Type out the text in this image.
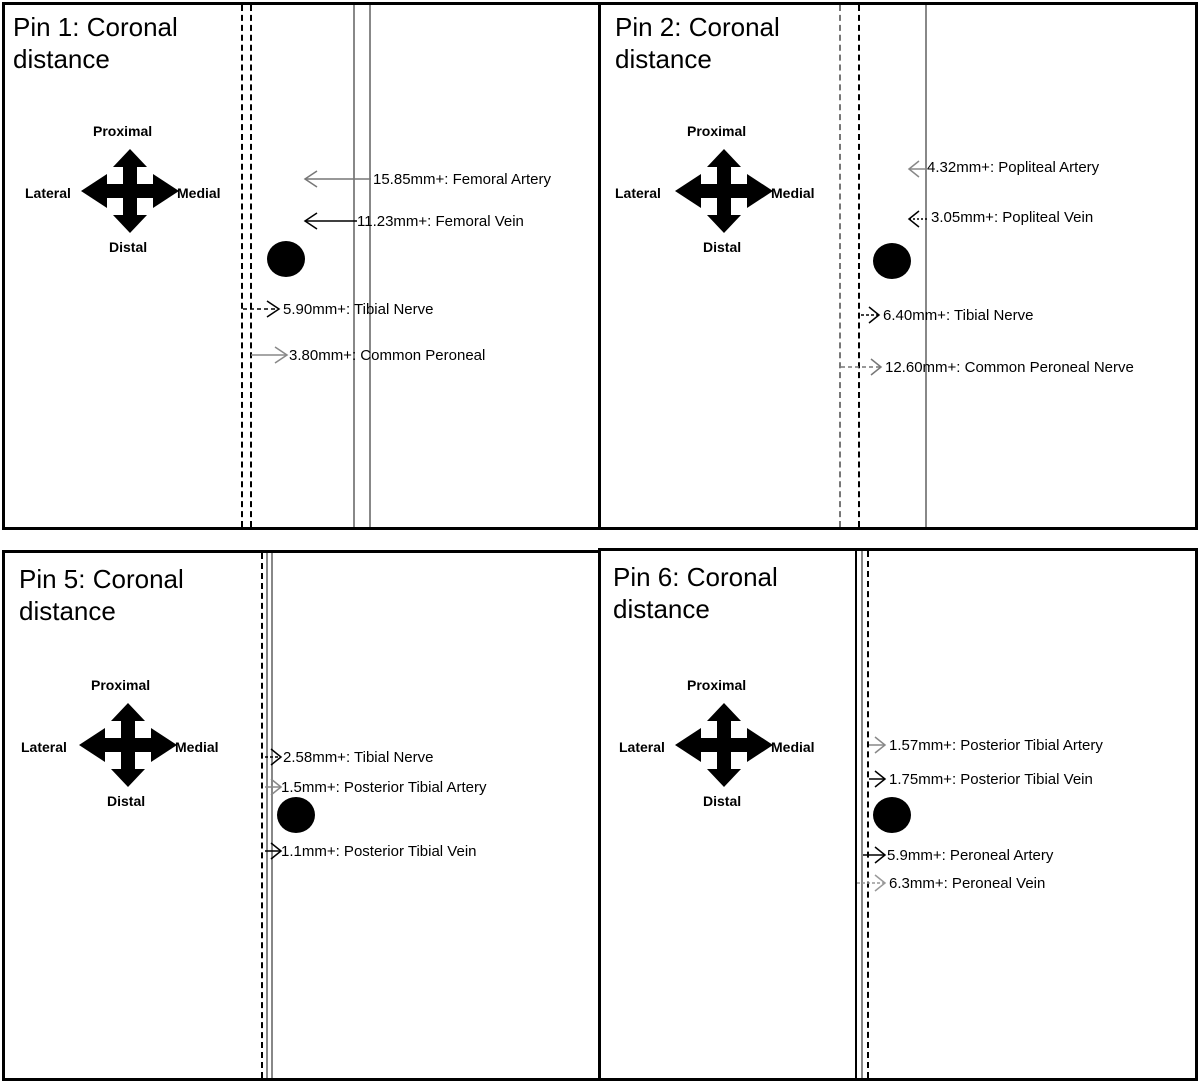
Pin 1: Coronal
distance
Proximal
Lateral	Medial
Distal
15.85mm+: Femoral Artery
11.23mm+: Femoral Vein
5.90mm+: Tibial Nerve
3.80mm+: Common Peroneal
Pin 2: Coronal
distance
Proximal
Lateral	Medial
Distal
4.32mm+: Popliteal Artery
3.05mm+: Popliteal Vein
6.40mm+: Tibial Nerve
12.60mm+: Common Peroneal Nerve
Pin 5: Coronal
distance
Proximal
Lateral	Medial
Distal
2.58mm+: Tibial Nerve
1.5mm+: Posterior Tibial Artery
1.1mm+: Posterior Tibial Vein
Pin 6: Coronal
distance
Proximal
Lateral	Medial
Distal
1.57mm+: Posterior Tibial Artery
1.75mm+: Posterior Tibial Vein
5.9mm+: Peroneal Artery
6.3mm+: Peroneal Vein
